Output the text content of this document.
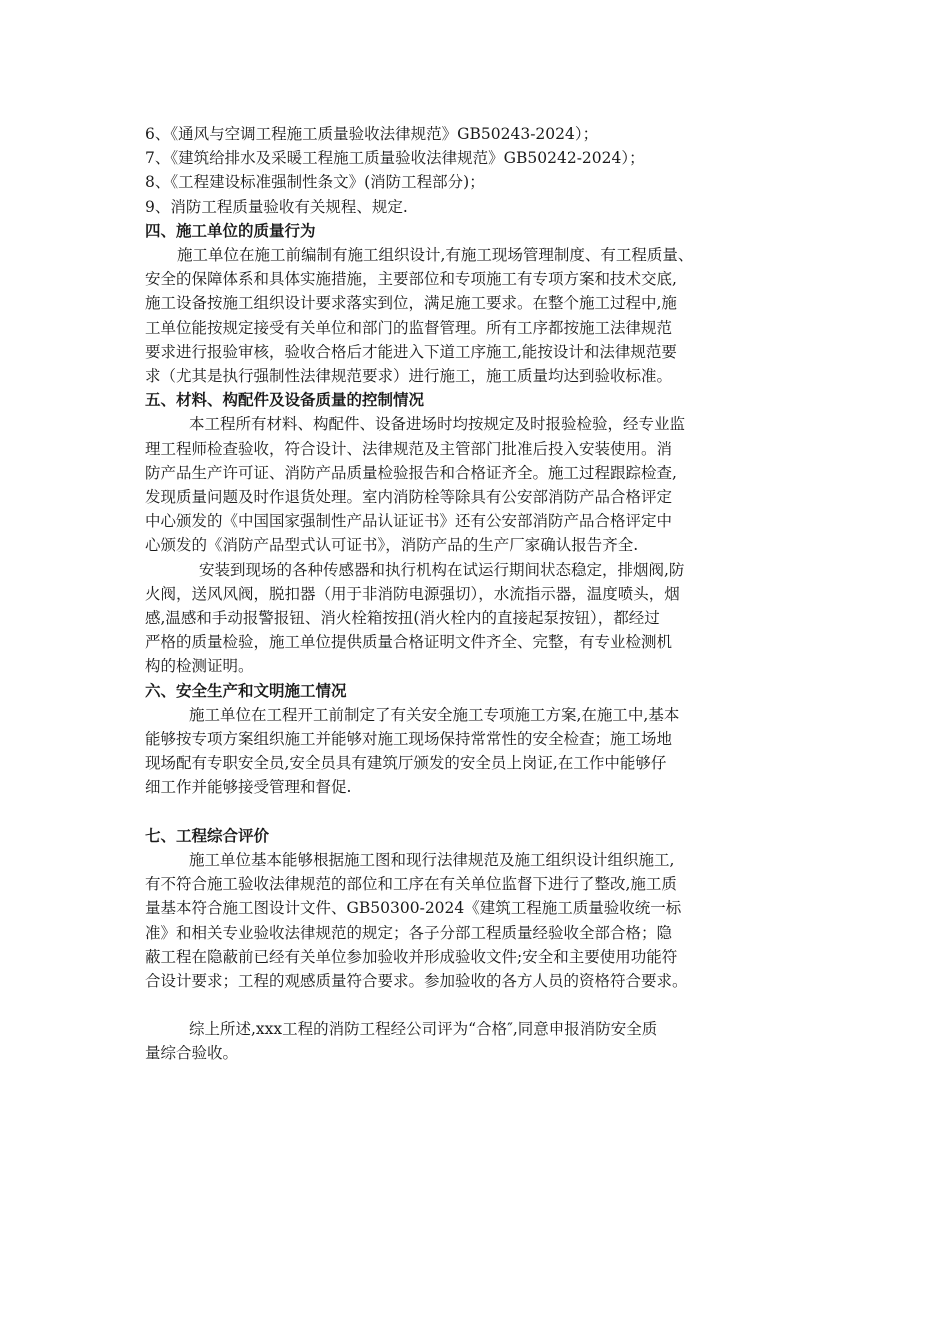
6、《通风与空调工程施工质量验收法律规范》GB50243-2024）；
7、《建筑给排水及采暖工程施工质量验收法律规范》GB50242-2024）；
8、《工程建设标准强制性条文》(消防工程部分)；
9、消防工程质量验收有关规程、规定.
四、施工单位的质量行为
施工单位在施工前编制有施工组织设计,有施工现场管理制度、有工程质量、
安全的保障体系和具体实施措施，主要部位和专项施工有专项方案和技术交底,
施工设备按施工组织设计要求落实到位，满足施工要求。在整个施工过程中,施
工单位能按规定接受有关单位和部门的监督管理。所有工序都按施工法律规范
要求进行报验审核，验收合格后才能进入下道工序施工,能按设计和法律规范要
求（尤其是执行强制性法律规范要求）进行施工，施工质量均达到验收标准。
五、材料、构配件及设备质量的控制情况
本工程所有材料、构配件、设备进场时均按规定及时报验检验，经专业监
理工程师检查验收，符合设计、法律规范及主管部门批准后投入安装使用。消
防产品生产许可证、消防产品质量检验报告和合格证齐全。施工过程跟踪检查,
发现质量问题及时作退货处理。室内消防栓等除具有公安部消防产品合格评定
中心颁发的《中国国家强制性产品认证证书》还有公安部消防产品合格评定中
心颁发的《消防产品型式认可证书》，消防产品的生产厂家确认报告齐全.
安装到现场的各种传感器和执行机构在试运行期间状态稳定，排烟阀,防
火阀，送风风阀，脱扣器（用于非消防电源强切），水流指示器，温度喷头，烟
感,温感和手动报警报钮、消火栓箱按扭(消火栓内的直接起泵按钮），都经过
严格的质量检验，施工单位提供质量合格证明文件齐全、完整，有专业检测机
构的检测证明。
六、安全生产和文明施工情况
施工单位在工程开工前制定了有关安全施工专项施工方案,在施工中,基本
能够按专项方案组织施工并能够对施工现场保持常常性的安全检查；施工场地
现场配有专职安全员,安全员具有建筑厅颁发的安全员上岗证,在工作中能够仔
细工作并能够接受管理和督促.
七、工程综合评价
施工单位基本能够根据施工图和现行法律规范及施工组织设计组织施工,
有不符合施工验收法律规范的部位和工序在有关单位监督下进行了整改,施工质
量基本符合施工图设计文件、GB50300-2024《建筑工程施工质量验收统一标
准》和相关专业验收法律规范的规定；各子分部工程质量经验收全部合格；隐
蔽工程在隐蔽前已经有关单位参加验收并形成验收文件;安全和主要使用功能符
合设计要求；工程的观感质量符合要求。参加验收的各方人员的资格符合要求。
综上所述,xxx工程的消防工程经公司评为“合格″,同意申报消防安全质
量综合验收。
